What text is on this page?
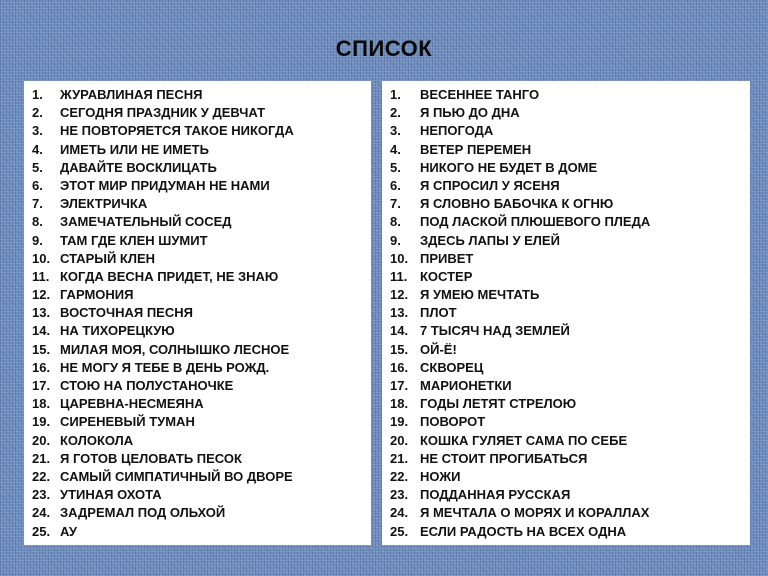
СПИСОК
1.	ЖУРАВЛИНАЯ ПЕСНЯ
2.	СЕГОДНЯ ПРАЗДНИК У ДЕВЧАТ
3.	НЕ ПОВТОРЯЕТСЯ ТАКОЕ НИКОГДА
4.	ИМЕТЬ ИЛИ НЕ ИМЕТЬ
5.	ДАВАЙТЕ ВОСКЛИЦАТЬ
6.	ЭТОТ МИР ПРИДУМАН НЕ НАМИ
7.	ЭЛЕКТРИЧКА
8.	ЗАМЕЧАТЕЛЬНЫЙ СОСЕД
9.	ТАМ ГДЕ КЛЕН ШУМИТ
10. СТАРЫЙ КЛЕН
11. КОГДА ВЕСНА ПРИДЕТ, НЕ ЗНАЮ
12. ГАРМОНИЯ
13. ВОСТОЧНАЯ ПЕСНЯ
14. НА ТИХОРЕЦКУЮ
15. МИЛАЯ МОЯ, СОЛНЫШКО ЛЕСНОЕ
16. НЕ МОГУ Я ТЕБЕ В ДЕНЬ РОЖД.
17. СТОЮ НА ПОЛУСТАНОЧКЕ
18. ЦАРЕВНА-НЕСМЕЯНА
19. СИРЕНЕВЫЙ ТУМАН
20. КОЛОКОЛА
21. Я ГОТОВ ЦЕЛОВАТЬ ПЕСОК
22. САМЫЙ СИМПАТИЧНЫЙ ВО ДВОРЕ
23. УТИНАЯ ОХОТА
24. ЗАДРЕМАЛ ПОД ОЛЬХОЙ
25. АУ
1.	ВЕСЕННЕЕ ТАНГО
2.	Я ПЬЮ ДО ДНА
3.	НЕПОГОДА
4.	ВЕТЕР ПЕРЕМЕН
5.	НИКОГО НЕ БУДЕТ В ДОМЕ
6.	Я СПРОСИЛ У ЯСЕНЯ
7.	Я СЛОВНО БАБОЧКА К ОГНЮ
8.	ПОД ЛАСКОЙ ПЛЮШЕВОГО ПЛЕДА
9.	ЗДЕСЬ ЛАПЫ У ЕЛЕЙ
10. ПРИВЕТ
11. КОСТЕР
12. Я УМЕЮ МЕЧТАТЬ
13. ПЛОТ
14. 7 ТЫСЯЧ НАД ЗЕМЛЕЙ
15. ОЙ-Ё!
16. СКВОРЕЦ
17. МАРИОНЕТКИ
18. ГОДЫ ЛЕТЯТ СТРЕЛОЮ
19. ПОВОРОТ
20. КОШКА ГУЛЯЕТ САМА ПО СЕБЕ
21. НЕ СТОИТ ПРОГИБАТЬСЯ
22. НОЖИ
23. ПОДДАННАЯ РУССКАЯ
24. Я МЕЧТАЛА О МОРЯХ И КОРАЛЛАХ
25. ЕСЛИ РАДОСТЬ НА ВСЕХ ОДНА
